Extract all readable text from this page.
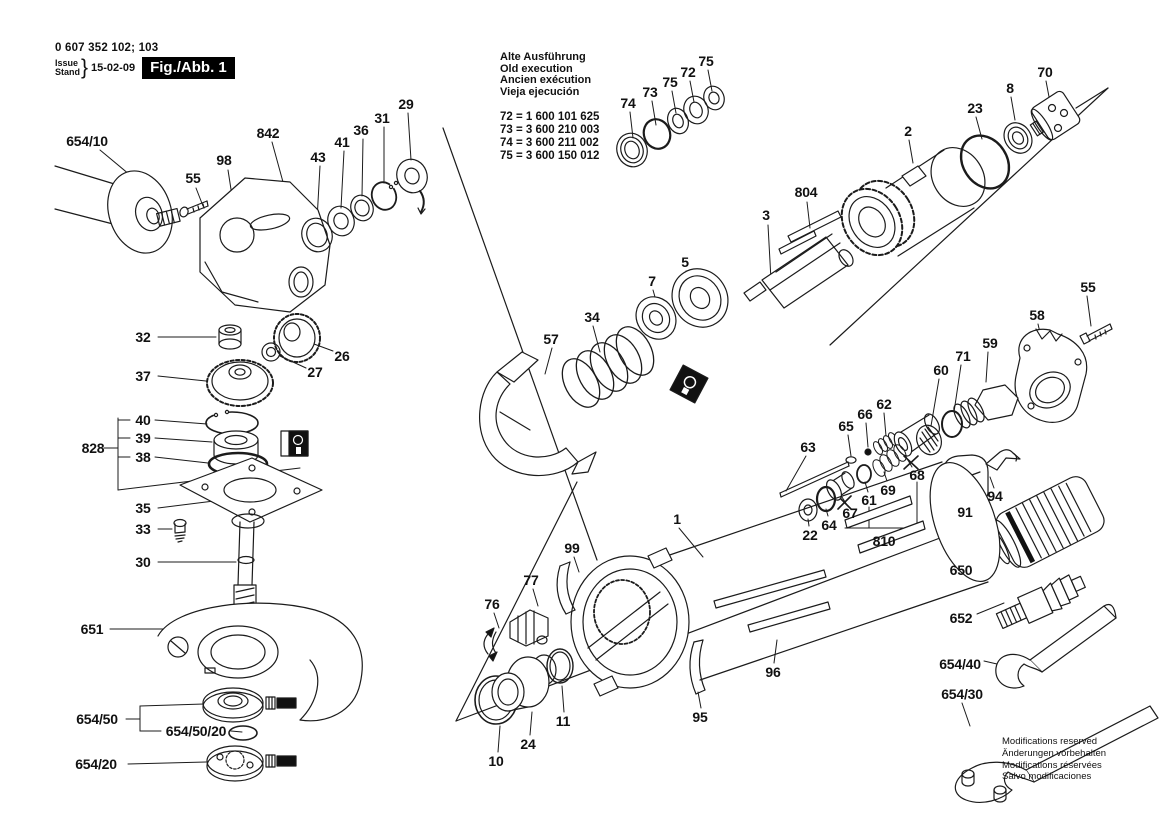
0 607 352 102; 103
Issue
Stand } 15-02-09	Fig./Abb. 1
Alte Ausführung
Old execution
Ancien exécution
Vieja ejecución
72 = 1 600 101 625
73 = 3 600 210 003
74 = 3 600 211 002
75 = 3 600 150 012
Modifications reserved
Änderungen vorbehalten
Modifications réservées
Salvo modificaciones
654/10
55
98
842
43
41
36
31
29
32
26
27
37
40
828
39
38
35
33
30
651
654/50
654/50/20
654/20
74
73
75
72
75
3
804
2
23
8
70
57
34
7
5
55
58
59
71
60
62
66
65
63
68
69
61
67
64
22	810
91
94
650
652
654/40
654/30
1
99
77
76
10
24
11	95
96
